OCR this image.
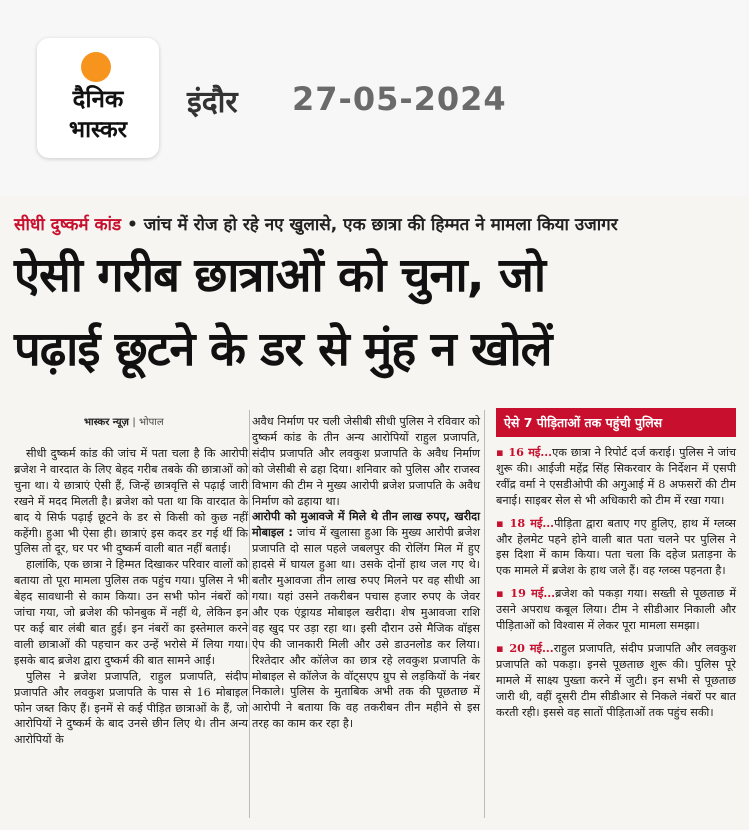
दैनिक
भास्कर
इंदौर 27-05-2024
सीधी दुष्कर्म कांड • जांच में रोज हो रहे नए खुलासे, एक छात्रा की हिम्मत ने मामला किया उजागर
ऐसी गरीब छात्राओं को चुना, जो
पढ़ाई छूटने के डर से मुंह न खोलें
भास्कर न्यूज़ | भोपाल

सीधी दुष्कर्म कांड की जांच में पता चला है कि आरोपी ब्रजेश ने वारदात के लिए बेहद गरीब तबके की छात्राओं को चुना था। ये छात्राएं ऐसी हैं, जिन्हें छात्रवृत्ति से पढ़ाई जारी रखने में मदद मिलती है। ब्रजेश को पता था कि वारदात के बाद ये सिर्फ पढ़ाई छूटने के डर से किसी को कुछ नहीं कहेंगी। हुआ भी ऐसा ही। छात्राएं इस कदर डर गई थीं कि पुलिस तो दूर, घर पर भी दुष्कर्म वाली बात नहीं बताई।

हालांकि, एक छात्रा ने हिम्मत दिखाकर परिवार वालों को बताया तो पूरा मामला पुलिस तक पहुंच गया। पुलिस ने भी बेहद सावधानी से काम किया। उन सभी फोन नंबरों को जांचा गया, जो ब्रजेश की फोनबुक में नहीं थे, लेकिन इन पर कई बार लंबी बात हुई। इन नंबरों का इस्तेमाल करने वाली छात्राओं की पहचान कर उन्हें भरोसे में लिया गया। इसके बाद ब्रजेश द्वारा दुष्कर्म की बात सामने आई।

पुलिस ने ब्रजेश प्रजापति, राहुल प्रजापति, संदीप प्रजापति और लवकुश प्रजापति के पास से 16 मोबाइल फोन जब्त किए हैं। इनमें से कई पीड़ित छात्राओं के हैं, जो आरोपियों ने दुष्कर्म के बाद उनसे छीन लिए थे। तीन अन्य आरोपियों के

अवैध निर्माण पर चली जेसीबी सीधी पुलिस ने रविवार को दुष्कर्म कांड के तीन अन्य आरोपियों राहुल प्रजापति, संदीप प्रजापति और लवकुश प्रजापति के अवैध निर्माण को जेसीबी से ढहा दिया। शनिवार को पुलिस और राजस्व विभाग की टीम ने मुख्य आरोपी ब्रजेश प्रजापति के अवैध निर्माण को ढहाया था।

आरोपी को मुआवजे में मिले थे तीन लाख रुपए, खरीदा मोबाइल : जांच में खुलासा हुआ कि मुख्य आरोपी ब्रजेश प्रजापति दो साल पहले जबलपुर की रोलिंग मिल में हुए हादसे में घायल हुआ था। उसके दोनों हाथ जल गए थे। बतौर मुआवजा तीन लाख रुपए मिलने पर वह सीधी आ गया। यहां उसने तकरीबन पचास हजार रुपए के जेवर और एक एंड्रायड मोबाइल खरीदा। शेष मुआवजा राशि वह खुद पर उड़ा रहा था। इसी दौरान उसे मैजिक वॉइस ऐप की जानकारी मिली और उसे डाउनलोड कर लिया। रिश्तेदार और कॉलेज का छात्र रहे लवकुश प्रजापति के मोबाइल से कॉलेज के वॉट्सएप ग्रुप से लड़कियों के नंबर निकाले। पुलिस के मुताबिक अभी तक की पूछताछ में आरोपी ने बताया कि वह तकरीबन तीन महीने से इस तरह का काम कर रहा है।

ऐसे 7 पीड़िताओं तक पहुंची पुलिस
▪ 16 मई...एक छात्रा ने रिपोर्ट दर्ज कराई। पुलिस ने जांच शुरू की। आईजी महेंद्र सिंह सिकरवार के निर्देशन में एसपी रवींद्र वर्मा ने एसडीओपी की अगुआई में 8 अफसरों की टीम बनाई। साइबर सेल से भी अधिकारी को टीम में रखा गया।
▪ 18 मई...पीड़िता द्वारा बताए गए हुलिए, हाथ में ग्लव्स और हेलमेट पहने होने वाली बात पता चलने पर पुलिस ने इस दिशा में काम किया। पता चला कि दहेज प्रताड़ना के एक मामले में ब्रजेश के हाथ जले हैं। वह ग्लव्स पहनता है।
▪ 19 मई...ब्रजेश को पकड़ा गया। सख्ती से पूछताछ में उसने अपराध कबूल लिया। टीम ने सीडीआर निकाली और पीड़िताओं को विश्वास में लेकर पूरा मामला समझा।
▪ 20 मई...राहुल प्रजापति, संदीप प्रजापति और लवकुश प्रजापति को पकड़ा। इनसे पूछताछ शुरू की। पुलिस पूरे मामले में साक्ष्य पुख्ता करने में जुटी। इन सभी से पूछताछ जारी थी, वहीं दूसरी टीम सीडीआर से निकले नंबरों पर बात करती रही। इससे वह सातों पीड़िताओं तक पहुंच सकी।
